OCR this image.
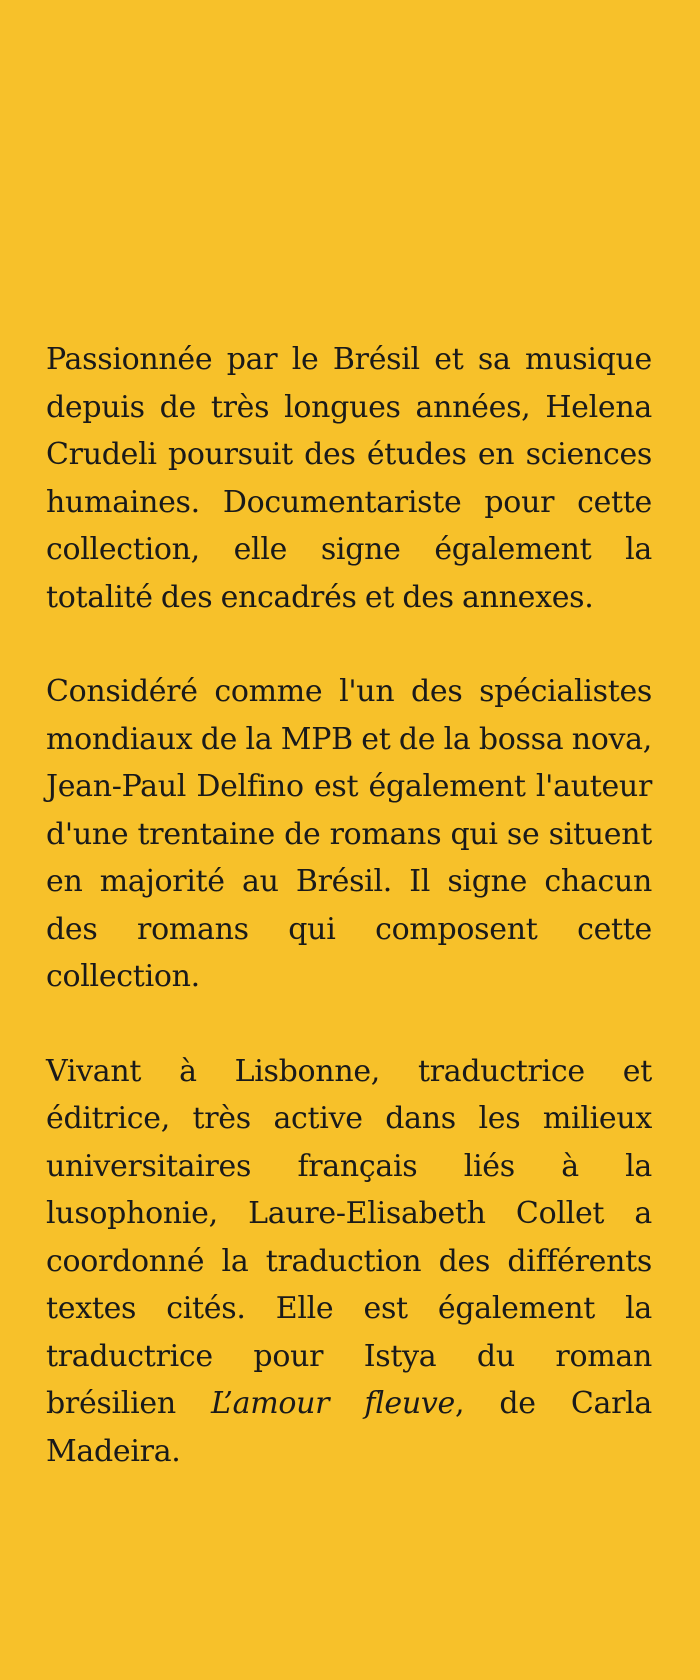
Passionnée par le Brésil et sa musique depuis de très longues années, Helena Crudeli poursuit des études en sciences humaines. Documentariste pour cette collection, elle signe également la totalité des encadrés et des annexes.

Considéré comme l'un des spécialistes mondiaux de la MPB et de la bossa nova, Jean-Paul Delfino est également l'auteur d'une trentaine de romans qui se situent en majorité au Brésil. Il signe chacun des romans qui composent cette collection.

Vivant à Lisbonne, traductrice et éditrice, très active dans les milieux universitaires français liés à la lusophonie, Laure-Elisabeth Collet a coordonné la traduction des différents textes cités. Elle est également la traductrice pour Istya du roman brésilien L’amour fleuve, de Carla Madeira.
